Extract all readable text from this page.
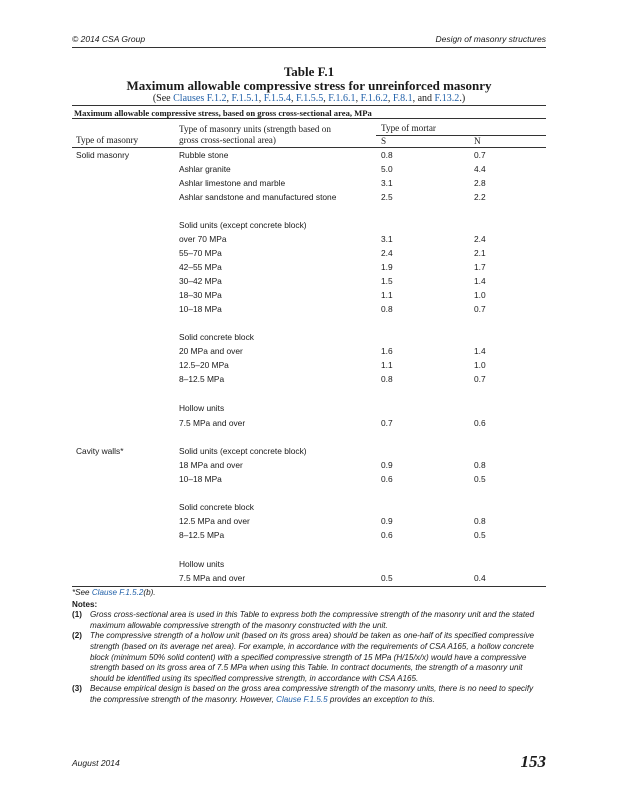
© 2014 CSA Group	Design of masonry structures
Table F.1
Maximum allowable compressive stress for unreinforced masonry
(See Clauses F.1.2, F.1.5.1, F.1.5.4, F.1.5.5, F.1.6.1, F.1.6.2, F.8.1, and F.13.2.)
Maximum allowable compressive stress, based on gross cross-sectional area, MPa
Type of masonry
Type of masonry units (strength based on
gross cross-sectional area)
Type of mortar
S	N
Solid masonry	Rubble stone	0.8	0.7
Ashlar granite	5.0	4.4
Ashlar limestone and marble	3.1	2.8
Ashlar sandstone and manufactured stone	2.5	2.2
Solid units (except concrete block)
over 70 MPa	3.1	2.4
55–70 MPa	2.4	2.1
42–55 MPa	1.9	1.7
30–42 MPa	1.5	1.4
18–30 MPa	1.1	1.0
10–18 MPa	0.8	0.7
Solid concrete block
20 MPa and over	1.6	1.4
12.5–20 MPa	1.1	1.0
8–12.5 MPa	0.8	0.7
Hollow units
7.5 MPa and over	0.7	0.6
Cavity walls*	Solid units (except concrete block)
18 MPa and over	0.9	0.8
10–18 MPa	0.6	0.5
Solid concrete block
12.5 MPa and over	0.9	0.8
8–12.5 MPa	0.6	0.5
Hollow units
7.5 MPa and over	0.5	0.4
*See Clause F.1.5.2(b).
Notes:
(1) Gross cross-sectional area is used in this Table to express both the compressive strength of the masonry unit and the stated maximum allowable compressive strength of the masonry constructed with the unit.
(2) The compressive strength of a hollow unit (based on its gross area) should be taken as one-half of its specified compressive strength (based on its average net area). For example, in accordance with the requirements of CSA A165, a hollow concrete block (minimum 50% solid content) with a specified compressive strength of 15 MPa (H/15/x/x) would have a compressive strength based on its gross area of 7.5 MPa when using this Table. In contract documents, the strength of a masonry unit should be identified using its specified compressive strength, in accordance with CSA A165.
(3) Because empirical design is based on the gross area compressive strength of the masonry units, there is no need to specify the compressive strength of the masonry. However, Clause F.1.5.5 provides an exception to this.
August 2014	153
